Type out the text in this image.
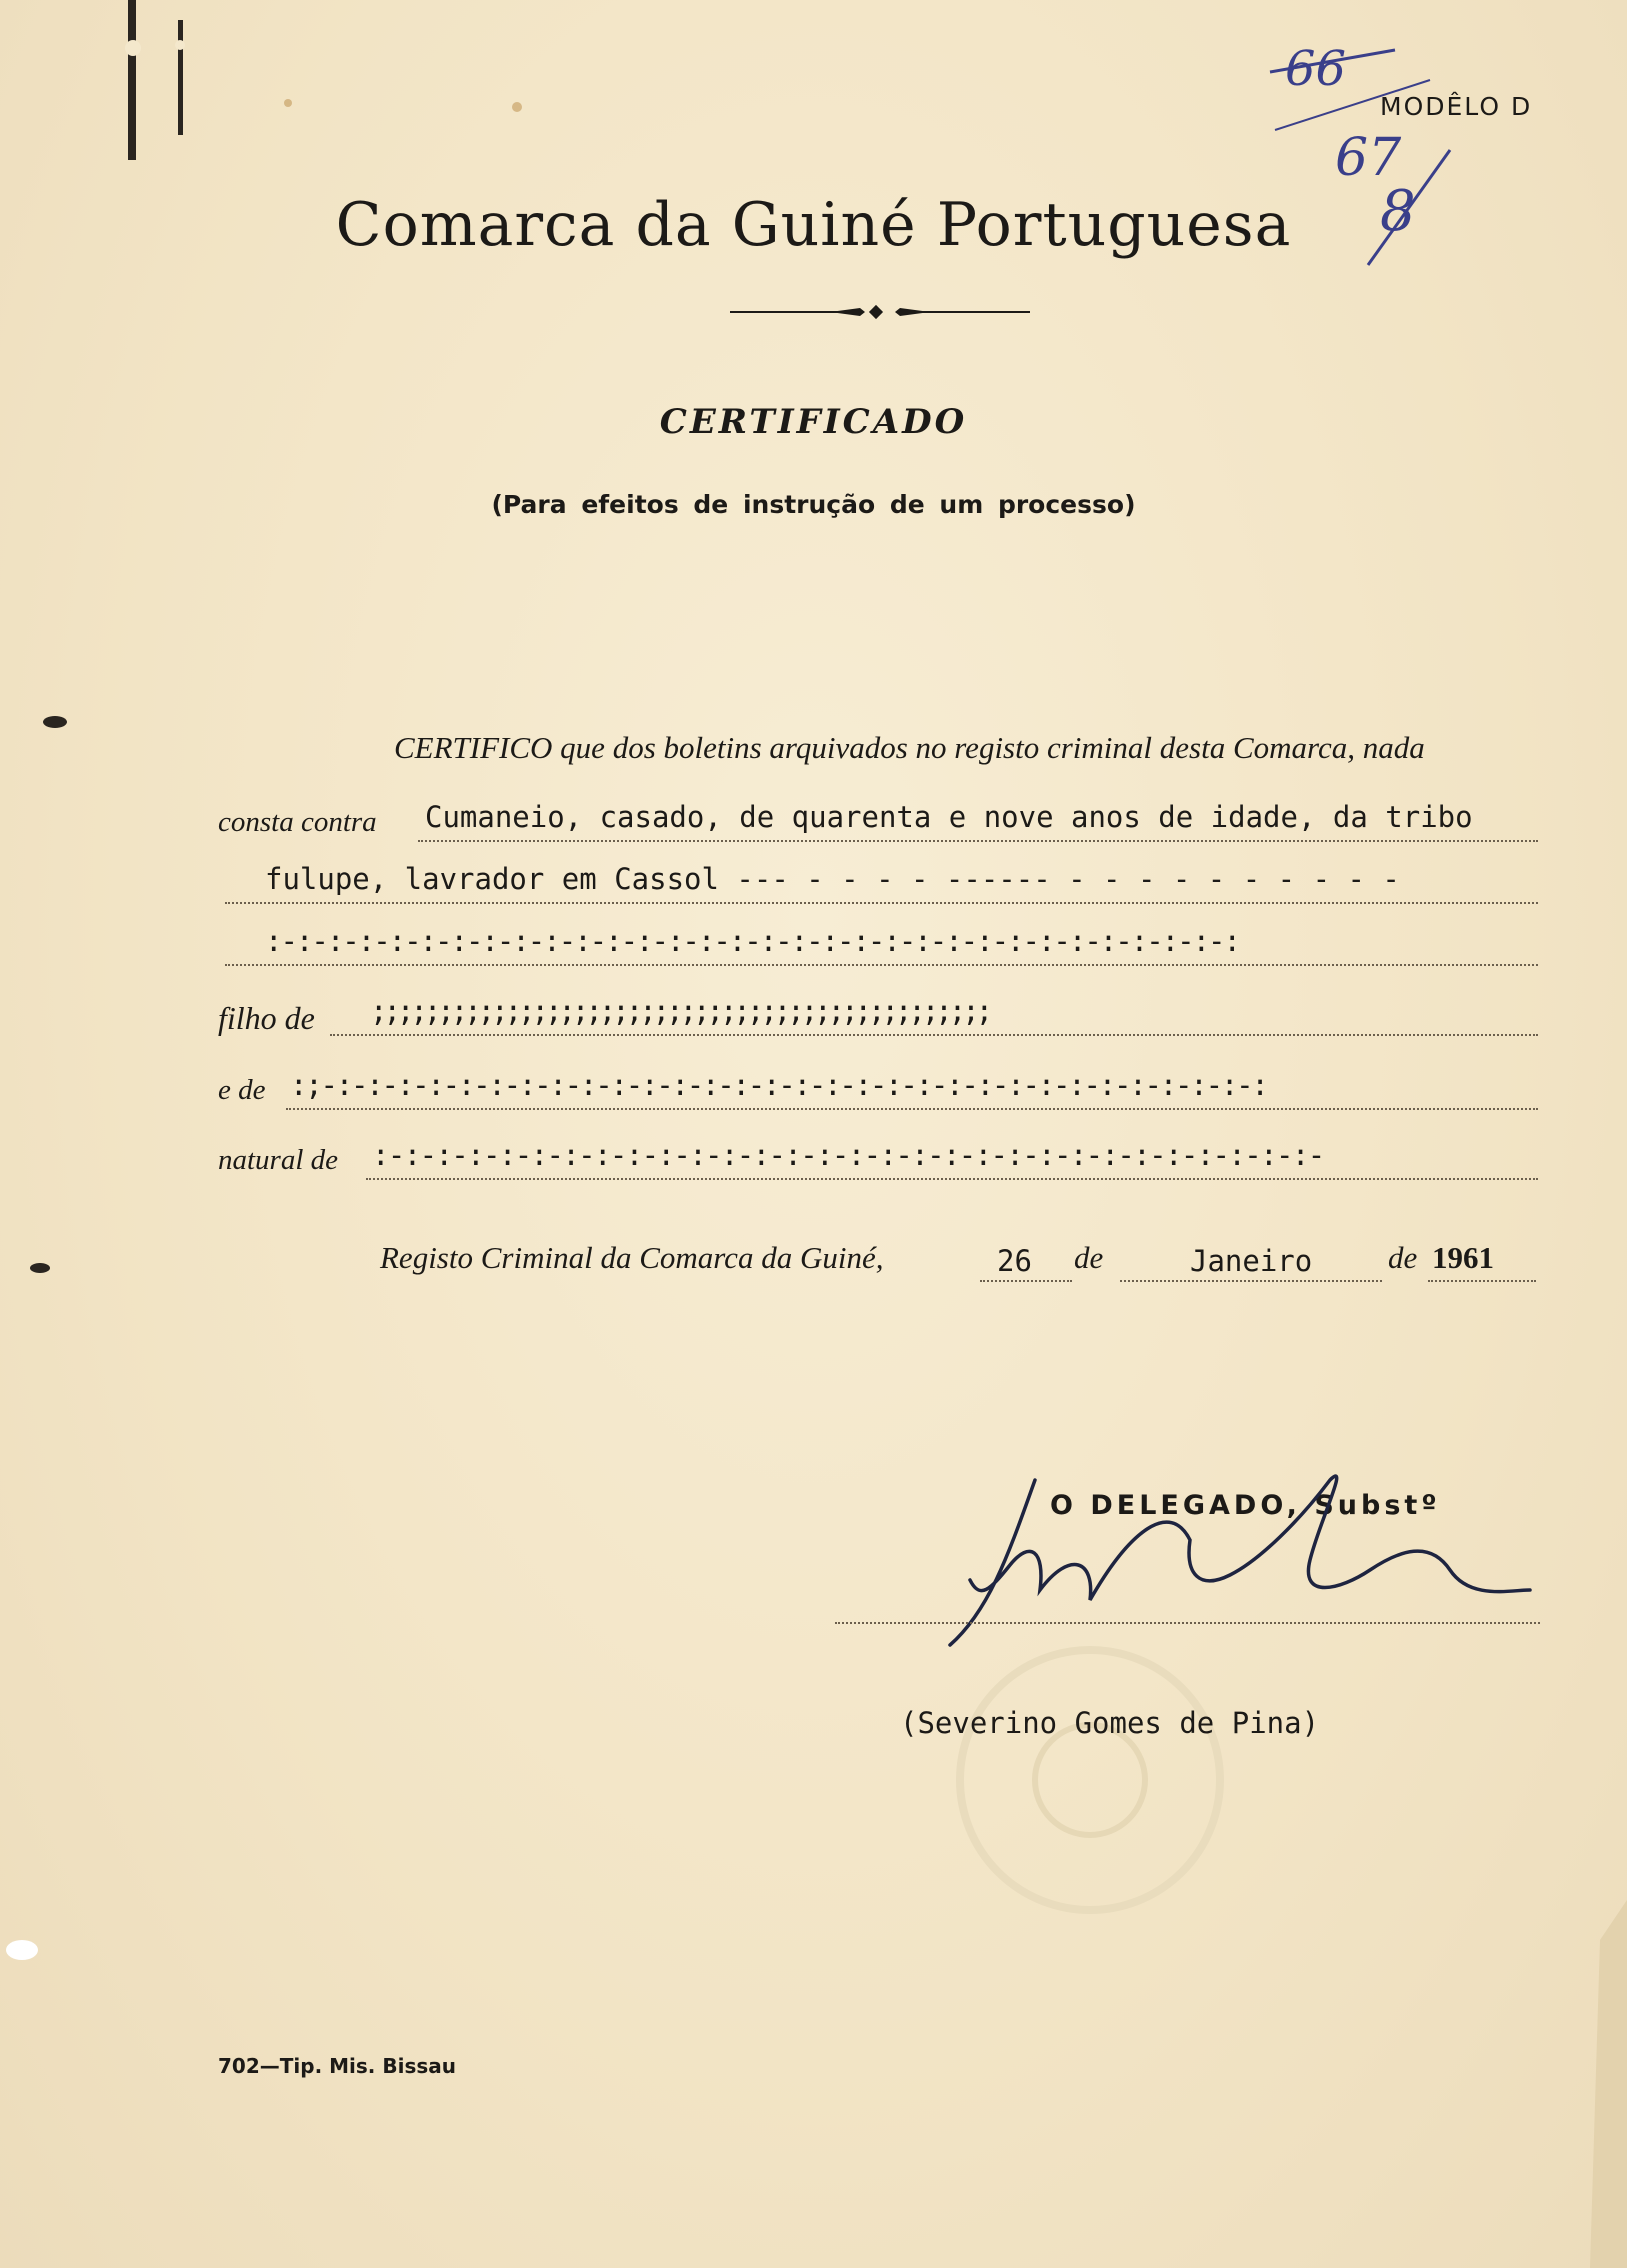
MODÊLO D
66
67
8
Comarca da Guiné Portuguesa
CERTIFICADO
(Para efeitos de instrução de um processo)
CERTIFICO que dos boletins arquivados no registo criminal desta Comarca, nada
consta contra Cumaneio, casado, de quarenta e nove anos de idade, da tribo
fulupe, lavrador em Cassol --- - - - - ------ - - - - - - - - - -
:-:-:-:-:-:-:-:-:-:-:-:-:-:-:-:-:-:-:-:-:-:-:-:-:-:-:-:-:-:-:-:
filho de ;;;;;;;;;;;;;;;;;;;;;;;;;;;;;;;;;;;;;;;;;;;;;;
e de :;-:-:-:-:-:-:-:-:-:-:-:-:-:-:-:-:-:-:-:-:-:-:-:-:-:-:-:-:-:-:-:
natural de :-:-:-:-:-:-:-:-:-:-:-:-:-:-:-:-:-:-:-:-:-:-:-:-:-:-:-:-:-:-
Registo Criminal da Comarca da Guiné,	26 de	Janeiro de 1961
O DELEGADO, Substº
(Severino Gomes de Pina)
702—Tip. Mis. Bissau
